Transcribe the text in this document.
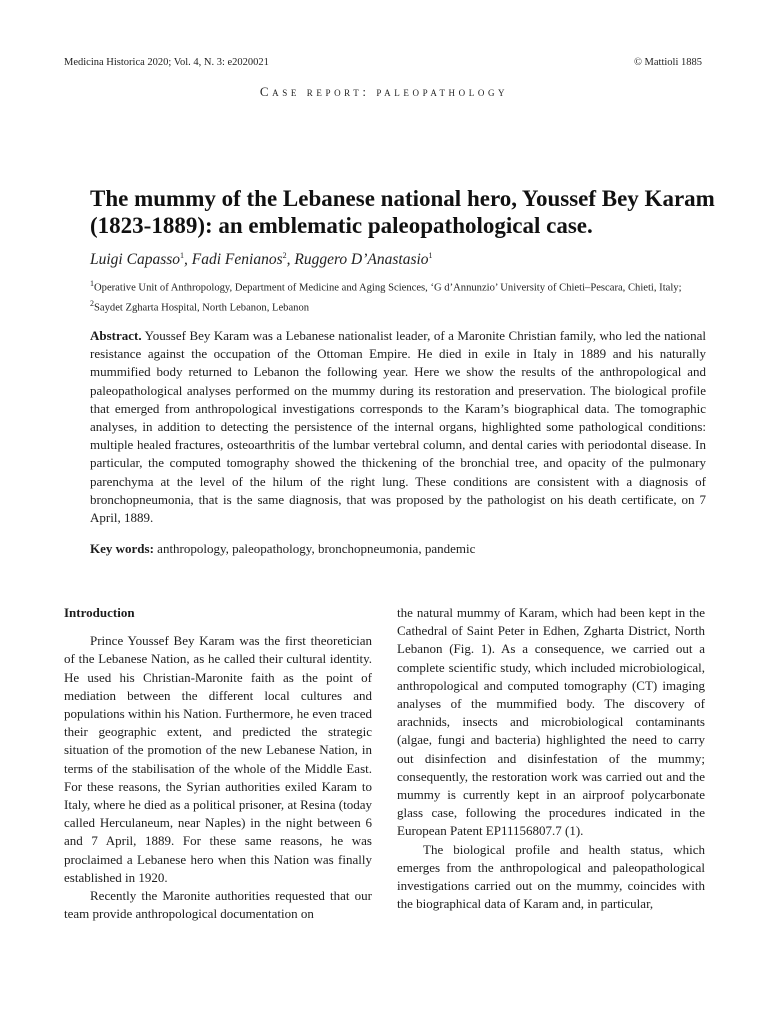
Medicina Historica 2020; Vol. 4, N. 3: e2020021	© Mattioli 1885
Case report: paleopathology
The mummy of the Lebanese national hero, Youssef Bey Karam (1823-1889): an emblematic paleopathological case.
Luigi Capasso$^1$, Fadi Fenianos$^2$, Ruggero D’Anastasio$^1$
$^1$Operative Unit of Anthropology, Department of Medicine and Aging Sciences, ‘G d’Annunzio’ University of Chieti–Pescara, Chieti, Italy; $^2$Saydet Zgharta Hospital, North Lebanon, Lebanon
Abstract. Youssef Bey Karam was a Lebanese nationalist leader, of a Maronite Christian family, who led the national resistance against the occupation of the Ottoman Empire. He died in exile in Italy in 1889 and his naturally mummified body returned to Lebanon the following year. Here we show the results of the anthropological and paleopathological analyses performed on the mummy during its restoration and preservation. The biological profile that emerged from anthropological investigations corresponds to the Karam’s biographical data. The tomographic analyses, in addition to detecting the persistence of the internal organs, highlighted some pathological conditions: multiple healed fractures, osteoarthritis of the lumbar vertebral column, and dental caries with periodontal disease. In particular, the computed tomography showed the thickening of the bronchial tree, and opacity of the pulmonary parenchyma at the level of the hilum of the right lung. These conditions are consistent with a diagnosis of bronchopneumonia, that is the same diagnosis, that was proposed by the pathologist on his death certificate, on 7 April, 1889.
Key words: anthropology, paleopathology, bronchopneumonia, pandemic

Introduction

Prince Youssef Bey Karam was the first theoretician of the Lebanese Nation, as he called their cultural identity. He used his Christian-Maronite faith as the point of mediation between the different local cultures and populations within his Nation. Furthermore, he even traced their geographic extent, and predicted the strategic situation of the promotion of the new Lebanese Nation, in terms of the stabilisation of the whole of the Middle East. For these reasons, the Syrian authorities exiled Karam to Italy, where he died as a political prisoner, at Resina (today called Herculaneum, near Naples) in the night between 6 and 7 April, 1889. For these same reasons, he was proclaimed a Lebanese hero when this Nation was finally established in 1920.

Recently the Maronite authorities requested that our team provide anthropological documentation on

the natural mummy of Karam, which had been kept in the Cathedral of Saint Peter in Edhen, Zgharta District, North Lebanon (Fig. 1). As a consequence, we carried out a complete scientific study, which included microbiological, anthropological and computed tomography (CT) imaging analyses of the mummified body. The discovery of arachnids, insects and microbiological contaminants (algae, fungi and bacteria) highlighted the need to carry out disinfection and disinfestation of the mummy; consequently, the restoration work was carried out and the mummy is currently kept in an airproof polycarbonate glass case, following the procedures indicated in the European Patent EP11156807.7 (1).

The biological profile and health status, which emerges from the anthropological and paleopathological investigations carried out on the mummy, coincides with the biographical data of Karam and, in particular,
